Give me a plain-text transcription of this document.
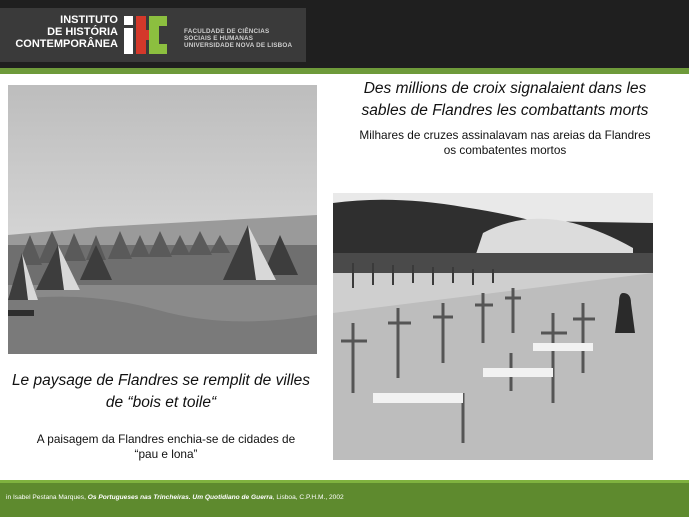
INSTITUTO
DE HISTÓRIA
CONTEMPORÂNEA
FACULDADE DE CIÊNCIAS
SOCIAIS E HUMANAS
UNIVERSIDADE NOVA DE LISBOA
Des millions de croix signalaient dans les
sables de Flandres les combattants morts
Milhares de cruzes assinalavam nas areias da Flandres
os combatentes mortos
Le paysage de Flandres se remplit de villes
de “bois et toile“
A paisagem da Flandres enchia-se de cidades de
“pau e lona”
in Isabel Pestana Marques, Os Portugueses nas Trincheiras. Um Quotidiano de Guerra, Lisboa, C.P.H.M., 2002
